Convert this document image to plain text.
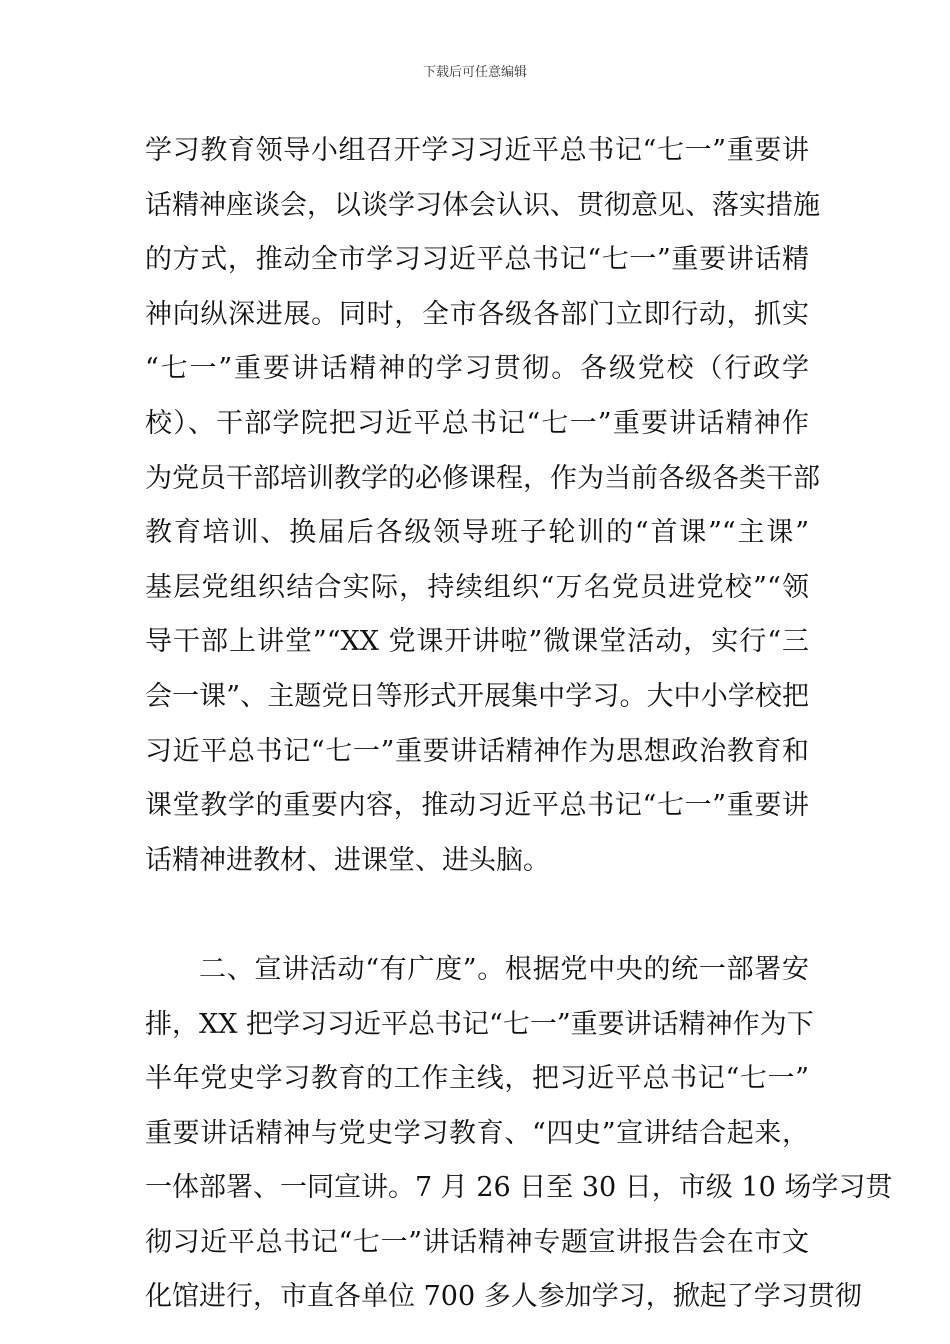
下载后可任意编辑
学习教育领导小组召开学习习近平总书记“七一”重要讲
话精神座谈会，以谈学习体会认识、贯彻意见、落实措施
的方式，推动全市学习习近平总书记“七一”重要讲话精
神向纵深进展。同时，全市各级各部门立即行动，抓实
“七一”重要讲话精神的学习贯彻。各级党校（行政学
校）、干部学院把习近平总书记“七一”重要讲话精神作
为党员干部培训教学的必修课程，作为当前各级各类干部
教育培训、换届后各级领导班子轮训的“首课”“主课”
基层党组织结合实际，持续组织“万名党员进党校”“领
导干部上讲堂”“XX 党课开讲啦”微课堂活动，实行“三
会一课”、主题党日等形式开展集中学习。大中小学校把
习近平总书记“七一”重要讲话精神作为思想政治教育和
课堂教学的重要内容，推动习近平总书记“七一”重要讲
话精神进教材、进课堂、进头脑。
二、宣讲活动“有广度”。根据党中央的统一部署安
排，XX 把学习习近平总书记“七一”重要讲话精神作为下
半年党史学习教育的工作主线，把习近平总书记“七一”
重要讲话精神与党史学习教育、“四史”宣讲结合起来，
一体部署、一同宣讲。7 月 26 日至 30 日，市级 10 场学习贯
彻习近平总书记“七一”讲话精神专题宣讲报告会在市文
化馆进行，市直各单位 700 多人参加学习，掀起了学习贯彻
